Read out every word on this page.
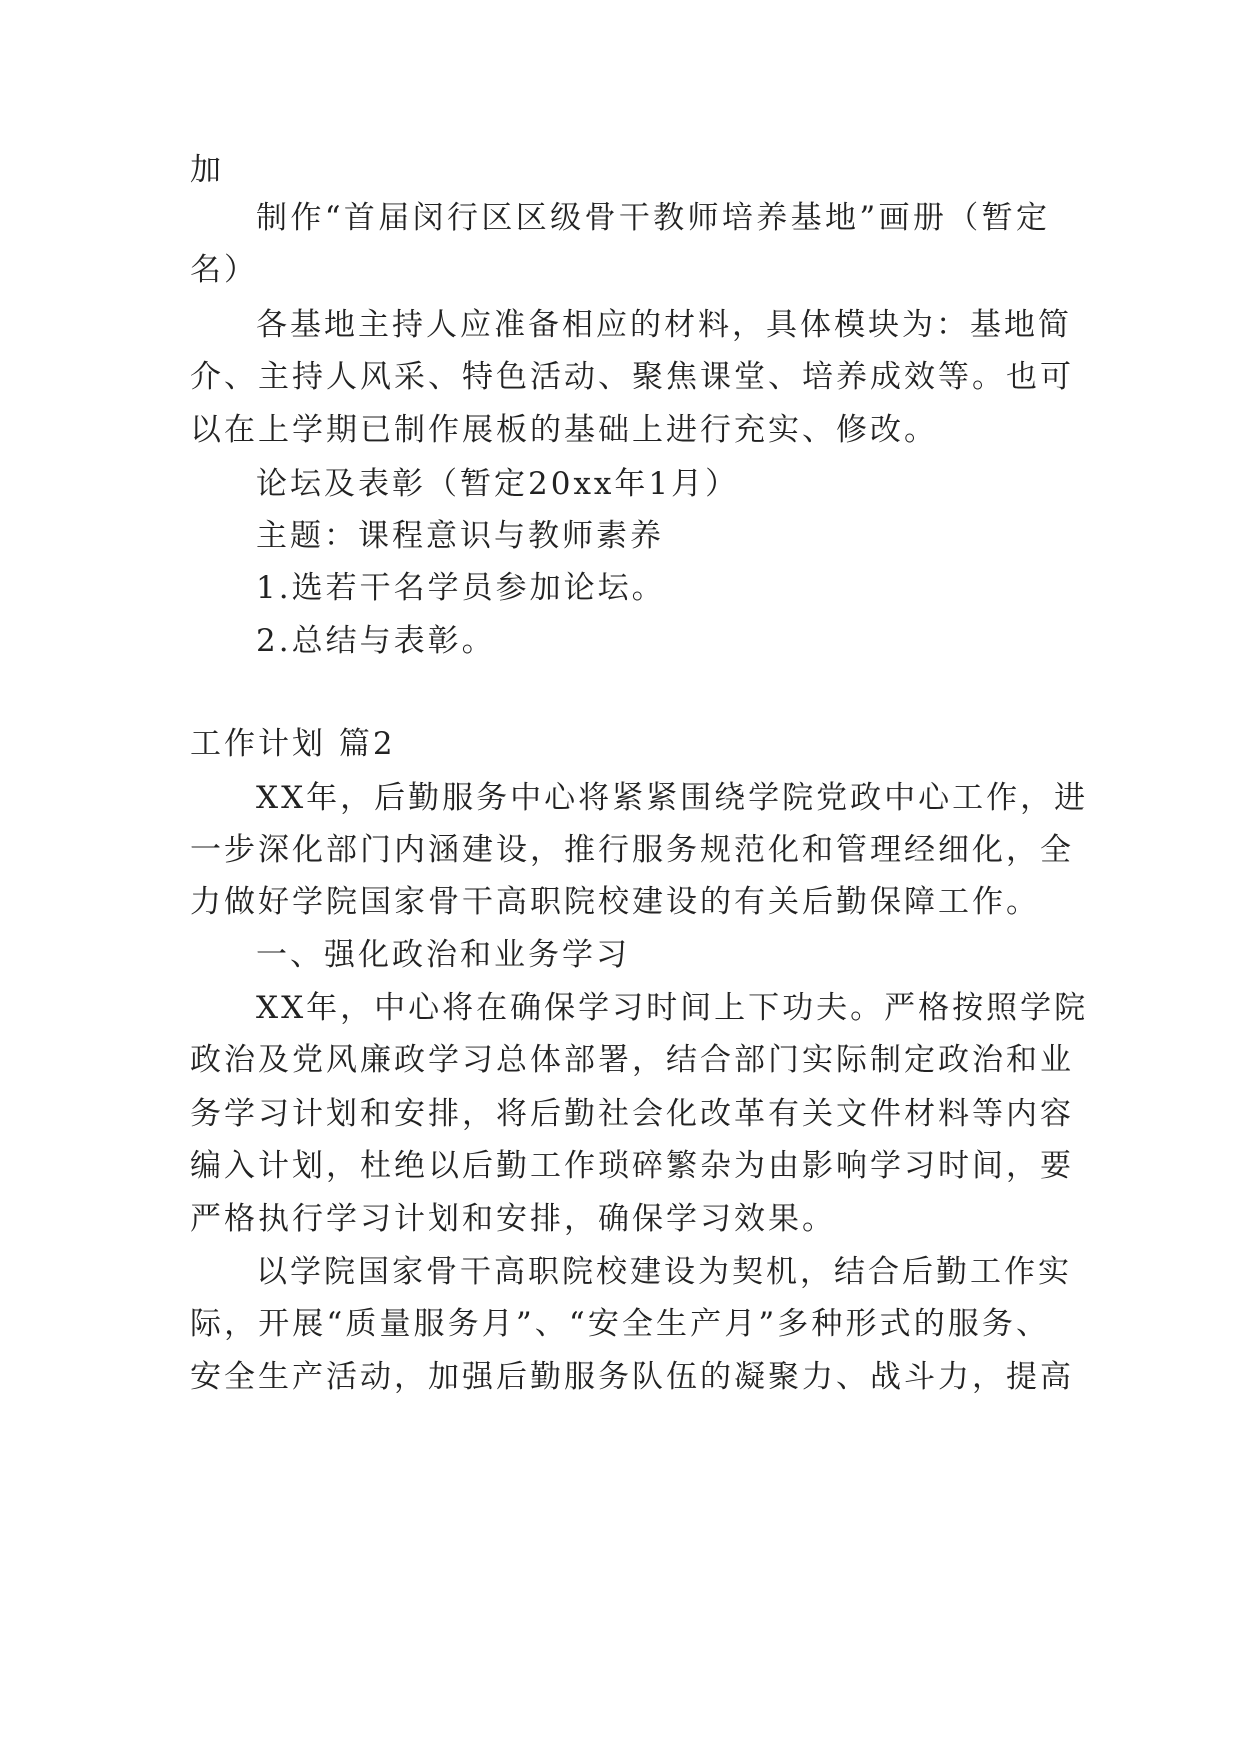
加
制作“首届闵行区区级骨干教师培养基地”画册（暂定
名）
各基地主持人应准备相应的材料，具体模块为：基地简
介、主持人风采、特色活动、聚焦课堂、培养成效等。也可
以在上学期已制作展板的基础上进行充实、修改。
论坛及表彰（暂定20xx年1月）
主题：课程意识与教师素养
1.选若干名学员参加论坛。
2.总结与表彰。
工作计划 篇2
XX年，后勤服务中心将紧紧围绕学院党政中心工作，进
一步深化部门内涵建设，推行服务规范化和管理经细化，全
力做好学院国家骨干高职院校建设的有关后勤保障工作。
一、强化政治和业务学习
XX年，中心将在确保学习时间上下功夫。严格按照学院
政治及党风廉政学习总体部署，结合部门实际制定政治和业
务学习计划和安排，将后勤社会化改革有关文件材料等内容
编入计划，杜绝以后勤工作琐碎繁杂为由影响学习时间，要
严格执行学习计划和安排，确保学习效果。
以学院国家骨干高职院校建设为契机，结合后勤工作实
际，开展“质量服务月”、“安全生产月”多种形式的服务、
安全生产活动，加强后勤服务队伍的凝聚力、战斗力，提高
